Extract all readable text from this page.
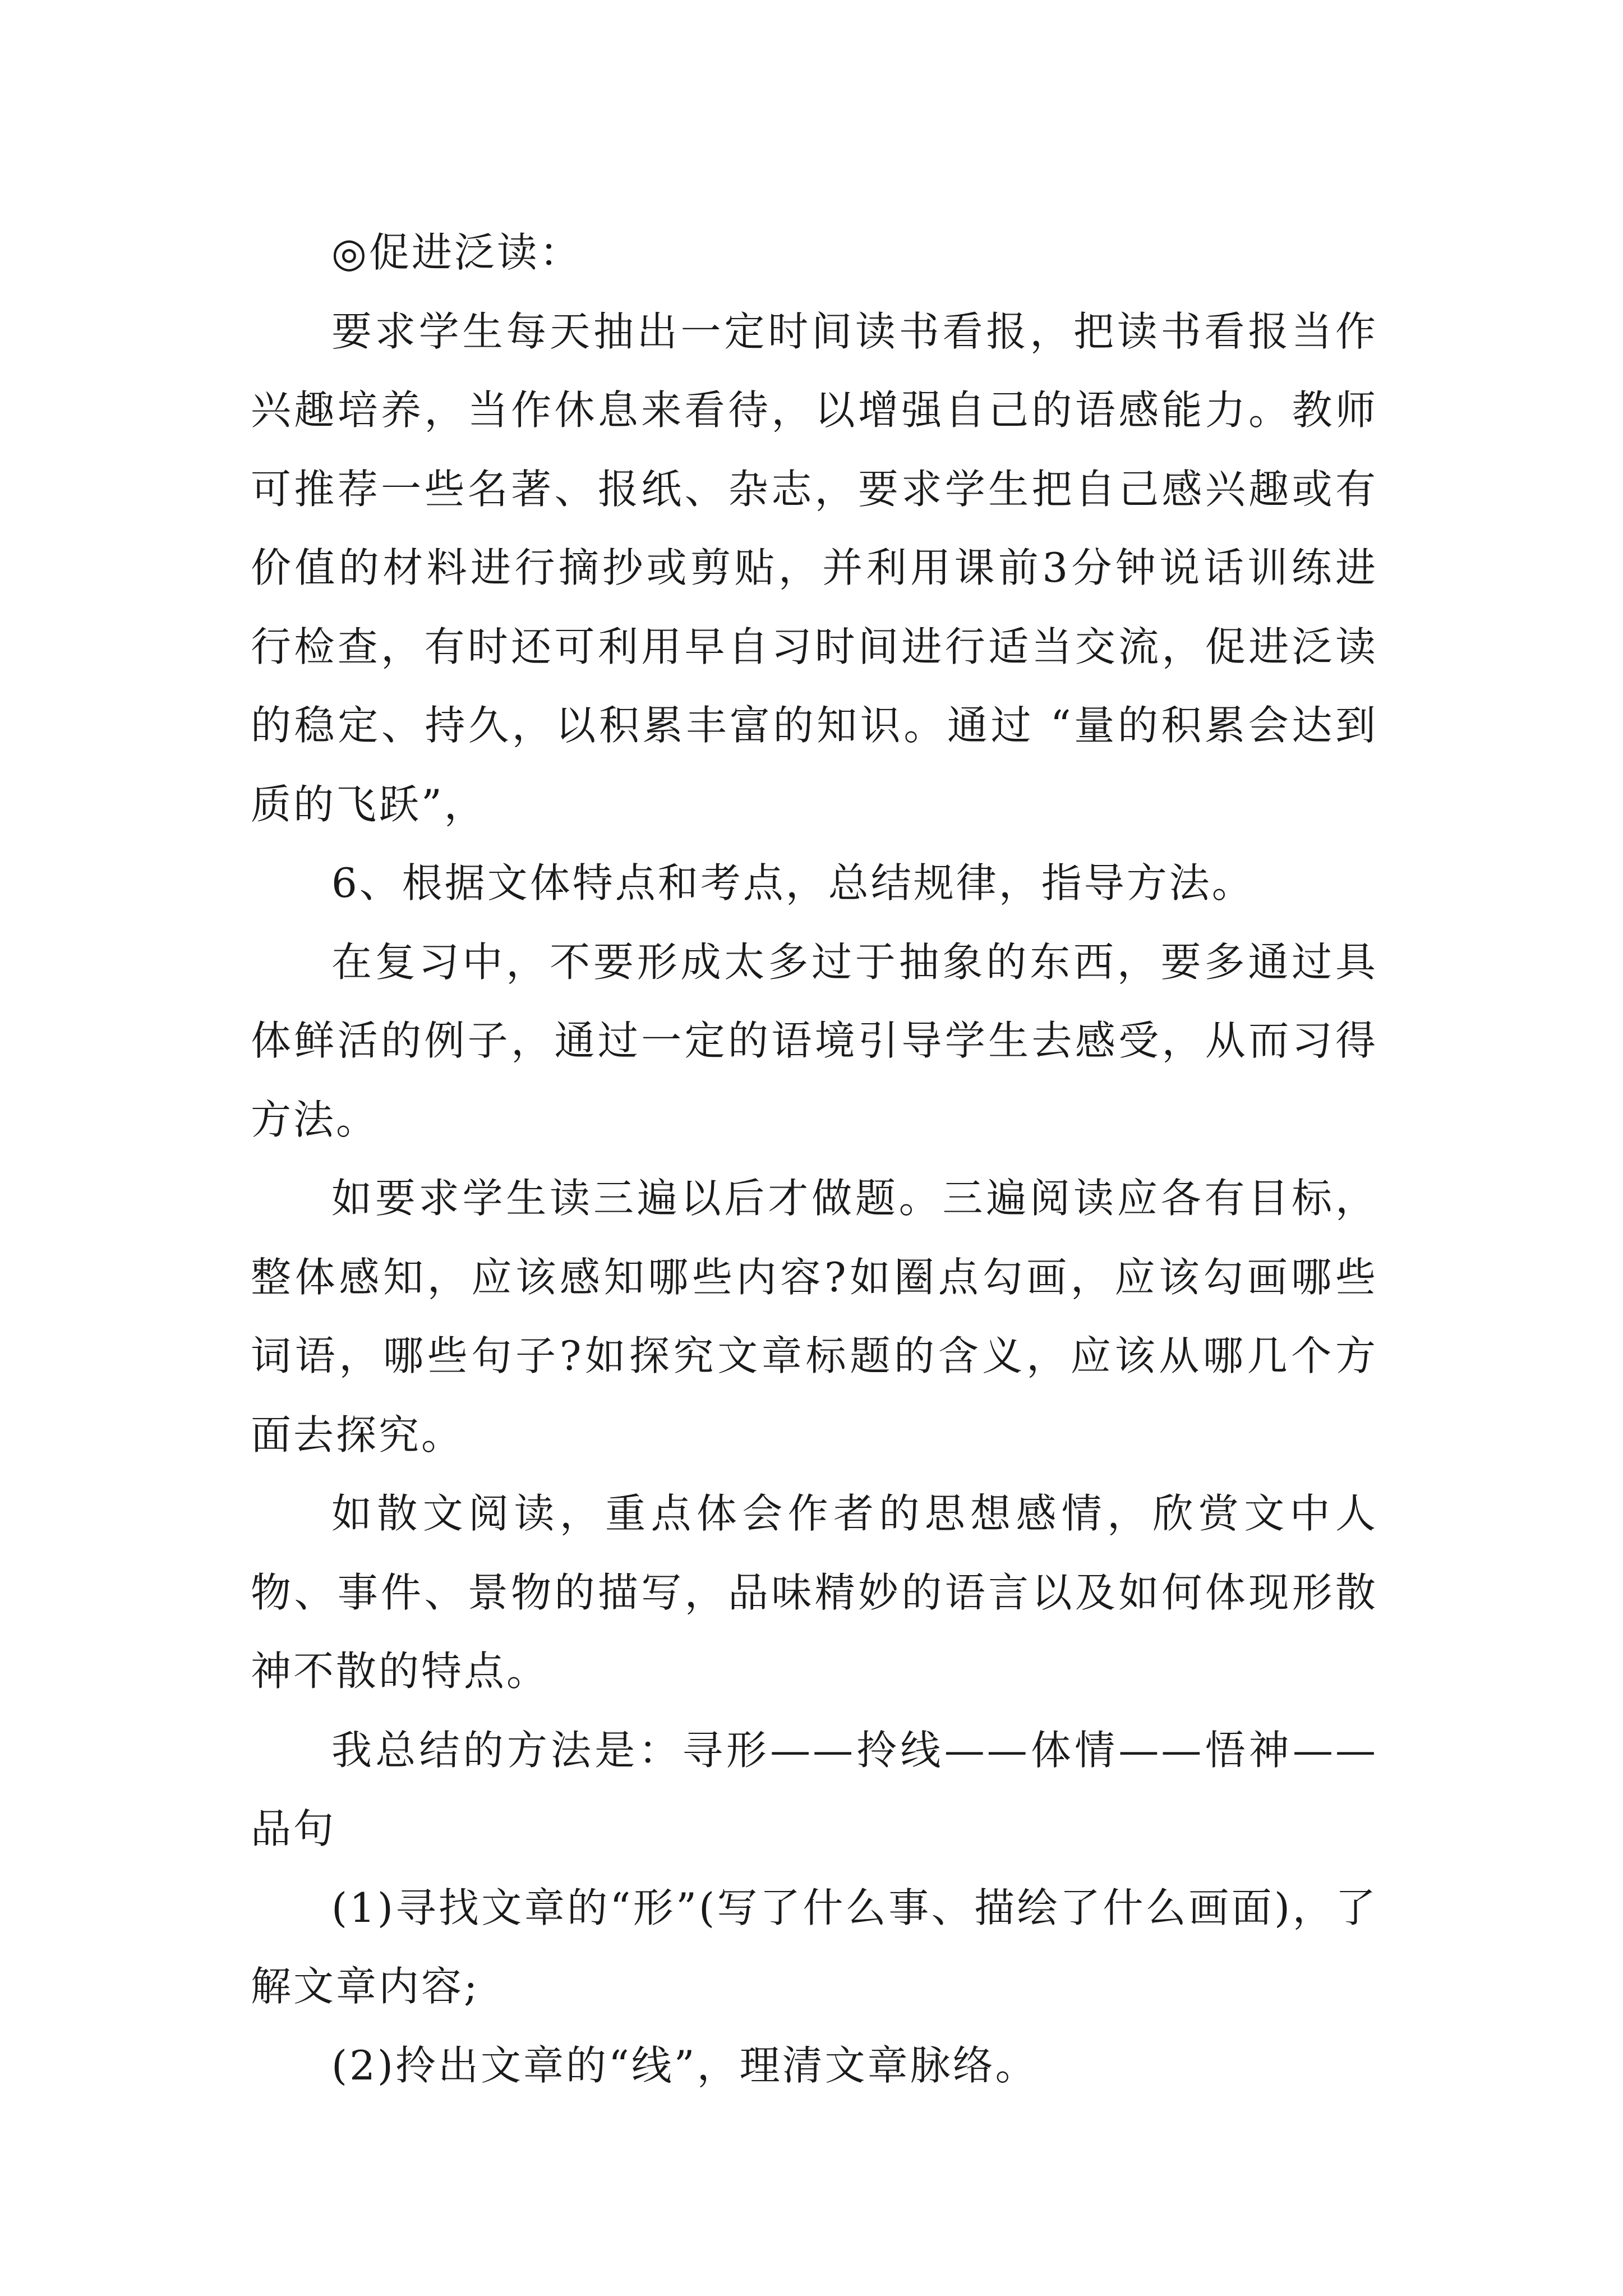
◎促进泛读：

要求学生每天抽出一定时间读书看报，把读书看报当作兴趣培养，当作休息来看待，以增强自己的语感能力。教师可推荐一些名著、报纸、杂志，要求学生把自己感兴趣或有价值的材料进行摘抄或剪贴，并利用课前3分钟说话训练进行检查，有时还可利用早自习时间进行适当交流，促进泛读的稳定、持久，以积累丰富的知识。通过 “量的积累会达到质的飞跃”，

6、根据文体特点和考点，总结规律，指导方法。

在复习中，不要形成太多过于抽象的东西，要多通过具体鲜活的例子，通过一定的语境引导学生去感受，从而习得方法。

如要求学生读三遍以后才做题。三遍阅读应各有目标，整体感知，应该感知哪些内容?如圈点勾画，应该勾画哪些词语，哪些句子?如探究文章标题的含义，应该从哪几个方面去探究。

如散文阅读，重点体会作者的思想感情，欣赏文中人物、事件、景物的描写，品味精妙的语言以及如何体现形散神不散的特点。

我总结的方法是：寻形——拎线——体情——悟神——品句

(1)寻找文章的“形”(写了什么事、描绘了什么画面)，了解文章内容;

(2)拎出文章的“线”，理清文章脉络。
